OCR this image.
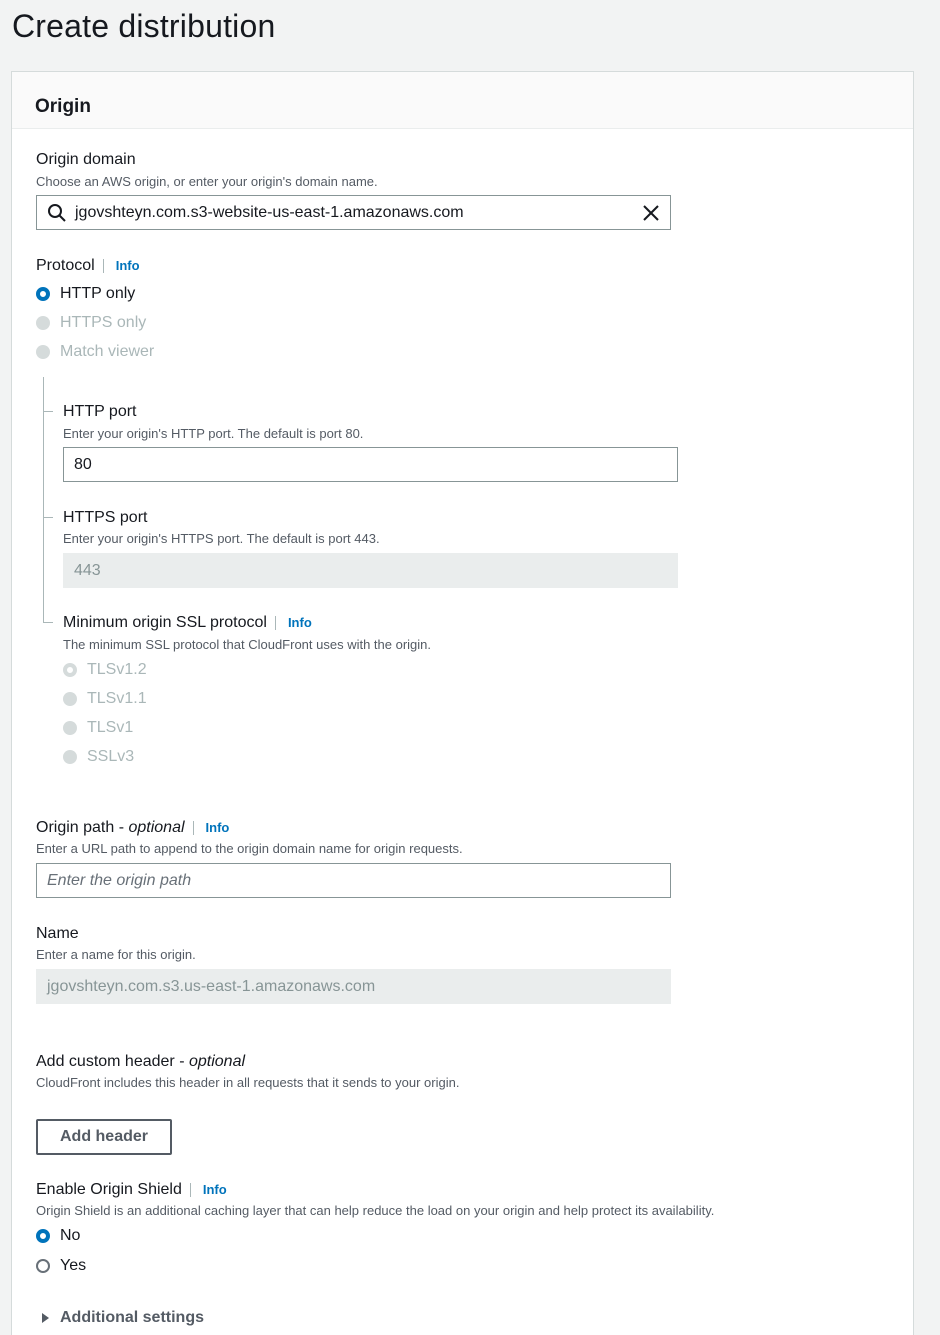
Create distribution
Origin
Origin domain
Choose an AWS origin, or enter your origin's domain name.
jgovshteyn.com.s3-website-us-east-1.amazonaws.com
Protocol Info
HTTP only
HTTPS only
Match viewer
HTTP port
Enter your origin's HTTP port. The default is port 80.
80
HTTPS port
Enter your origin's HTTPS port. The default is port 443.
443
Minimum origin SSL protocol Info
The minimum SSL protocol that CloudFront uses with the origin.
TLSv1.2
TLSv1.1
TLSv1
SSLv3
Origin path - optional Info
Enter a URL path to append to the origin domain name for origin requests.
Enter the origin path
Name
Enter a name for this origin.
jgovshteyn.com.s3.us-east-1.amazonaws.com
Add custom header - optional
CloudFront includes this header in all requests that it sends to your origin.
Add header
Enable Origin Shield Info
Origin Shield is an additional caching layer that can help reduce the load on your origin and help protect its availability.
No
Yes
Additional settings
